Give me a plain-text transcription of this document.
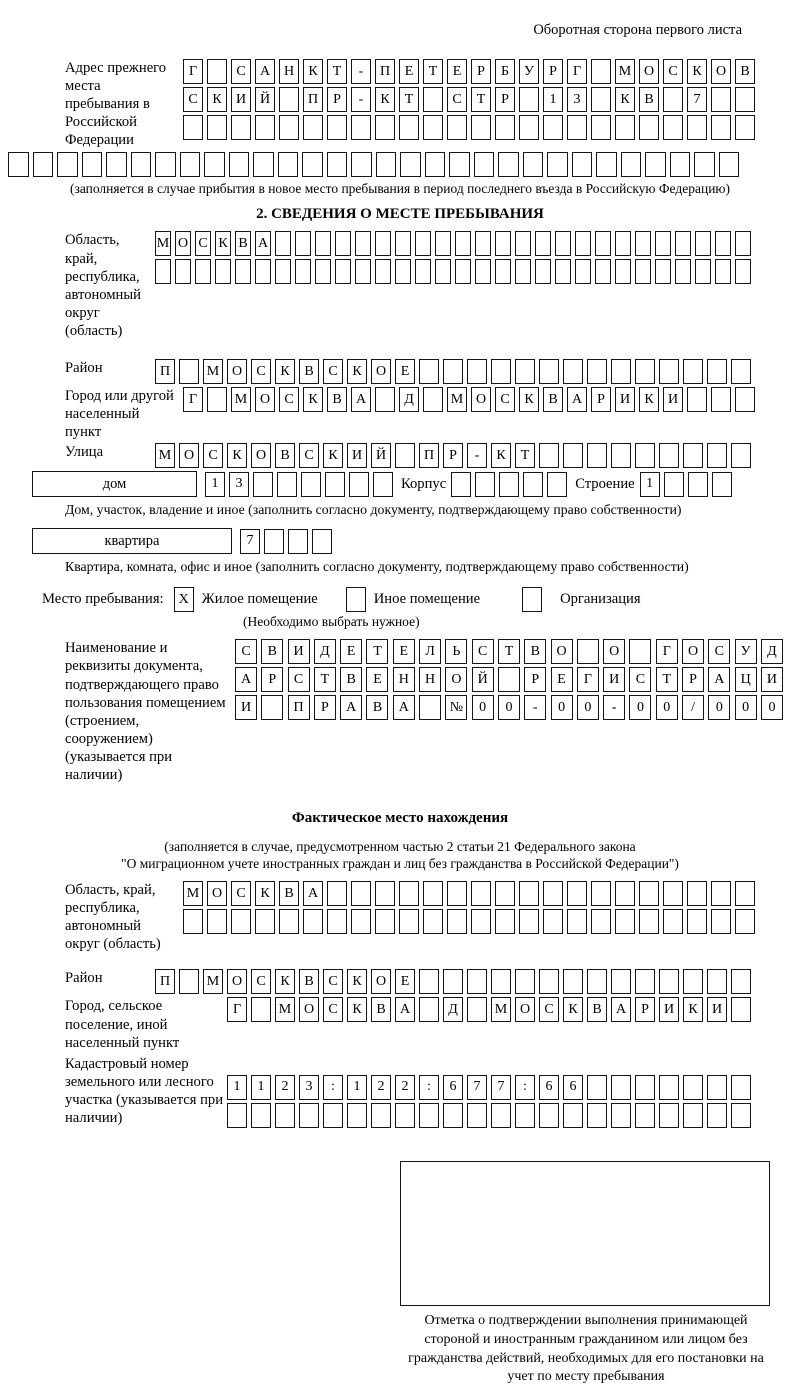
Оборотная сторона первого листа
Адрес прежнего места пребывания в Российской Федерации
Г	С	А Н	К	Т	-	П	Е	Т	Е	Р	Б	У	Р	Г	М О	С	К	О	В
С	К	И Й	П	Р	-	К	Т	С	Т	Р	1	3	К	В	7
(заполняется в случае прибытия в новое место пребывания в период последнего въезда в Российскую Федерацию)
2. СВЕДЕНИЯ О МЕСТЕ ПРЕБЫВАНИЯ
Область, край, республика, автономный округ (область)
М О С К В А
Район	П	М О	С	К	В	С	К	О	Е
Город или другой населенный пункт
Г	М О	С	К	В	А	Д	М О	С	К	В	А	Р	И	К	И
Улица	М О	С	К	О	В	С	К	И Й	П	Р	-	К	Т
дом	1	3	Корпус	Строение 1
Дом, участок, владение и иное (заполнить согласно документу, подтверждающему право собственности)
квартира	7
Квартира, комната, офис и иное (заполнить согласно документу, подтверждающему право собственности)
Место пребывания:	X Жилое помещение	Иное помещение	Организация
(Необходимо выбрать нужное)
Наименование и реквизиты документа, подтверждающего право пользования помещением (строением, сооружением) (указывается при наличии)
С	В	И	Д	Е	Т	Е	Л	Ь	С	Т	В	О	О	Г	О	С	У	Д
А	Р	С	Т	В	Е	Н	Н	О	Й	Р	Е	Г	И	С	Т	Р	А	Ц	И
И	П	Р	А	В	А	№	0	0	-	0	0	-	0	0	/	0	0	0
Фактическое место нахождения
(заполняется в случае, предусмотренном частью 2 статьи 21 Федерального закона
"О миграционном учете иностранных граждан и лиц без гражданства в Российской Федерации")
Область, край, республика, автономный округ (область)
М О	С	К	В	А
Район	П	М О	С	К	В	С	К	О	Е
Город, сельское поселение, иной населенный пункт
Г	М О	С	К	В	А	Д	М О	С	К	В	А	Р	И	К	И
Кадастровый номер земельного или лесного участка (указывается при наличии)
1	1	2	3	:	1	2	2	:	6	7	7	:	6	6
Отметка о подтверждении выполнения принимающей стороной и иностранным гражданином или лицом без гражданства действий, необходимых для его постановки на учет по месту пребывания
